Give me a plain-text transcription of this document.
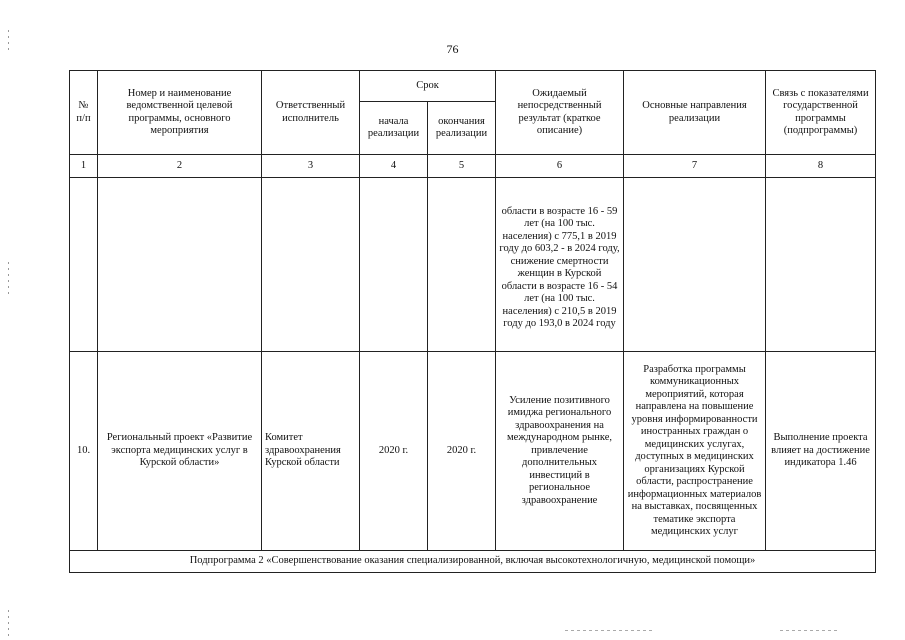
76
№ п/п	Номер и наименование ведомственной целевой программы, основного мероприятия	Ответственный исполнитель	Срок		Ожидаемый непосредственный результат (краткое описание)	Основные направления реализации	Связь с показателями государственной программы (подпрограммы)
			начала реализации	окончания реализации			
1	2	3	4	5	6	7	8
					области в возрасте 16 - 59 лет (на 100 тыс. населения) с 775,1 в 2019 году до 603,2 - в 2024 году, снижение смертности женщин в Курской области в возрасте 16 - 54 лет (на 100 тыс. населения) с 210,5 в 2019 году до 193,0 в 2024 году		
10.	Региональный проект «Развитие экспорта медицинских услуг в Курской области»	Комитет здравоохранения Курской области	2020 г.	2020 г.	Усиление позитивного имиджа регионального здравоохранения на международном рынке, привлечение дополнительных инвестиций в региональное здравоохранение	Разработка программы коммуникационных мероприятий, которая направлена на повышение уровня информированности иностранных граждан о медицинских услугах, доступных в медицинских организациях Курской области, распространение информационных материалов на выставках, посвященных тематике экспорта медицинских услуг	Выполнение проекта влияет на достижение индикатора 1.46
Подпрограмма 2 «Совершенствование оказания специализированной, включая высокотехнологичную, медицинской помощи»							
